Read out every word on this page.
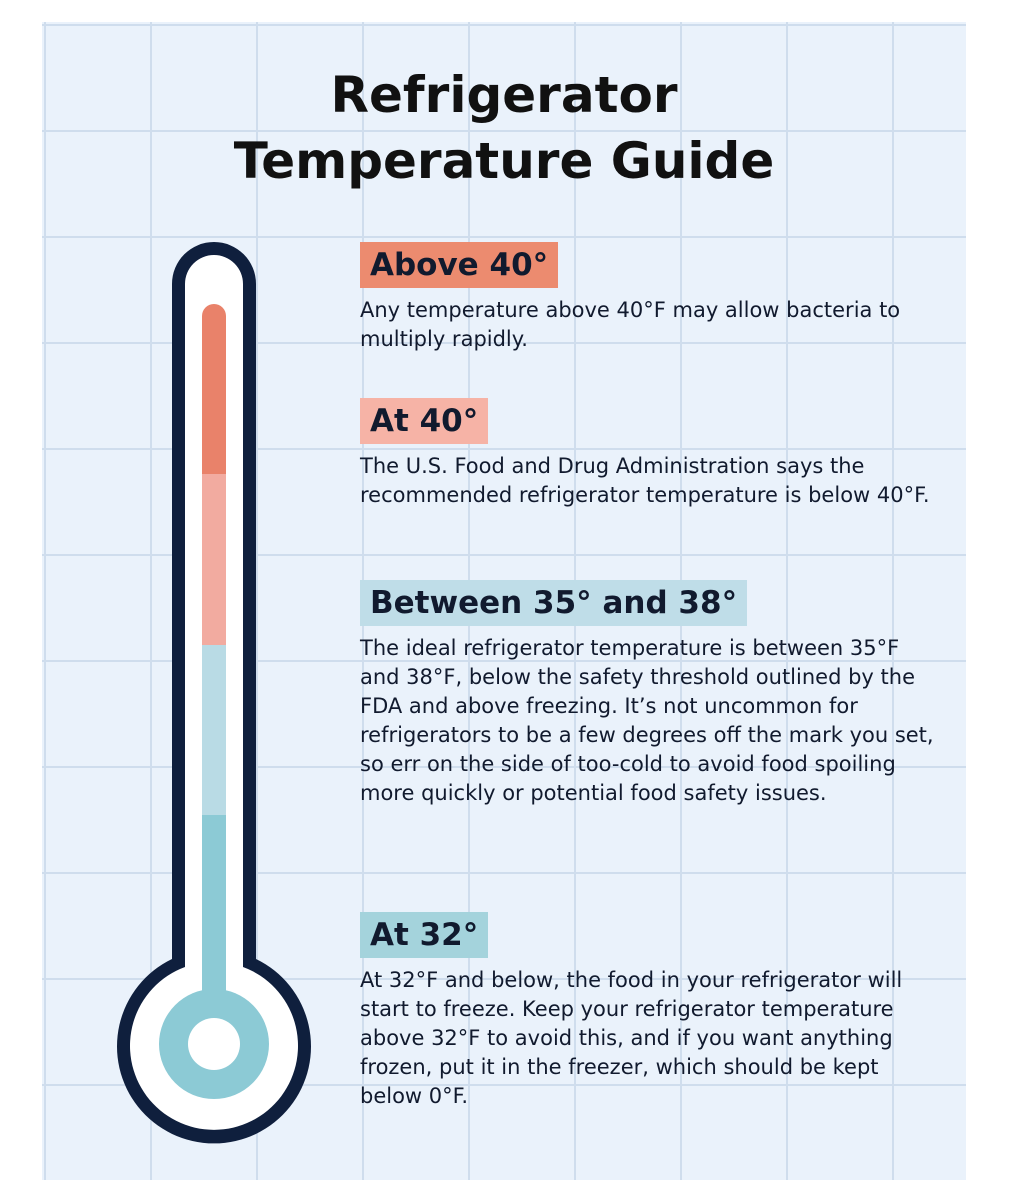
Refrigerator
Temperature Guide
Above 40°

Any temperature above 40°F may allow bacteria to multiply rapidly.

At 40°

The U.S. Food and Drug Administration says the recommended refrigerator temperature is below 40°F.

Between 35° and 38°

The ideal refrigerator temperature is between 35°F and 38°F, below the safety threshold outlined by the FDA and above freezing. It’s not uncommon for refrigerators to be a few degrees off the mark you set, so err on the side of too-cold to avoid food spoiling more quickly or potential food safety issues.

At 32°

At 32°F and below, the food in your refrigerator will start to freeze. Keep your refrigerator temperature above 32°F to avoid this, and if you want anything frozen, put it in the freezer, which should be kept below 0°F.
